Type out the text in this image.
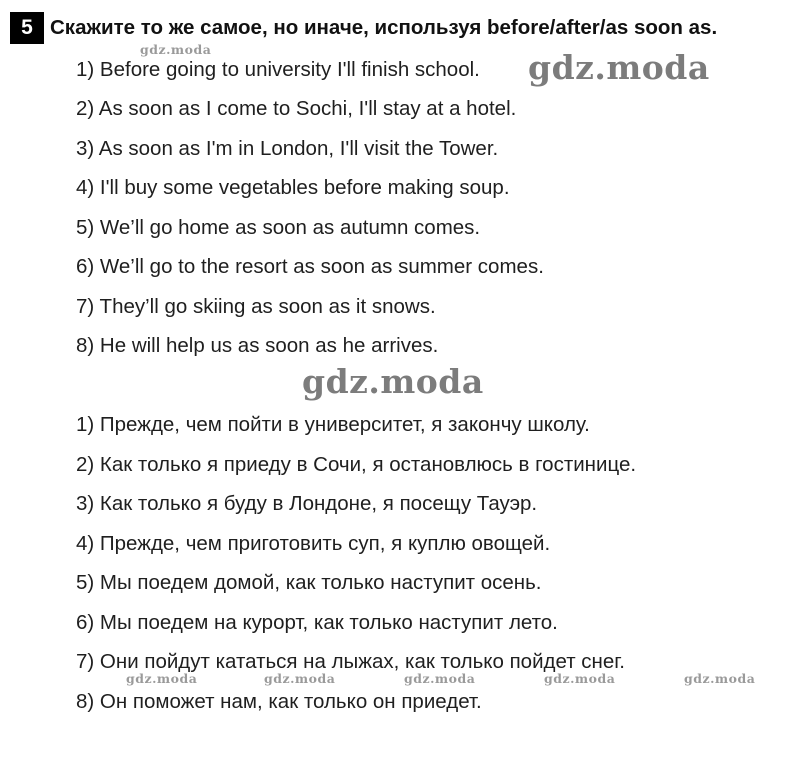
5 Скажите то же самое, но иначе, используя before/after/as soon as.
1) Before going to university I'll finish school.
2) As soon as I come to Sochi, I'll stay at a hotel.
3) As soon as I'm in London, I'll visit the Tower.
4) I'll buy some vegetables before making soup.
5) We’ll go home as soon as autumn comes.
6) We’ll go to the resort as soon as summer comes.
7) They’ll go skiing as soon as it snows.
8) He will help us as soon as he arrives.
1) Прежде, чем пойти в университет, я закончу школу.
2) Как только я приеду в Сочи, я остановлюсь в гостинице.
3) Как только я буду в Лондоне, я посещу Тауэр.
4) Прежде, чем приготовить суп, я куплю овощей.
5) Мы поедем домой, как только наступит осень.
6) Мы поедем на курорт, как только наступит лето.
7) Они пойдут кататься на лыжах, как только пойдет снег.
8) Он поможет нам, как только он приедет.
gdz.moda	gdz.moda
gdz.moda
gdz.moda	gdz.moda	gdz.moda	gdz.moda	gdz.moda
